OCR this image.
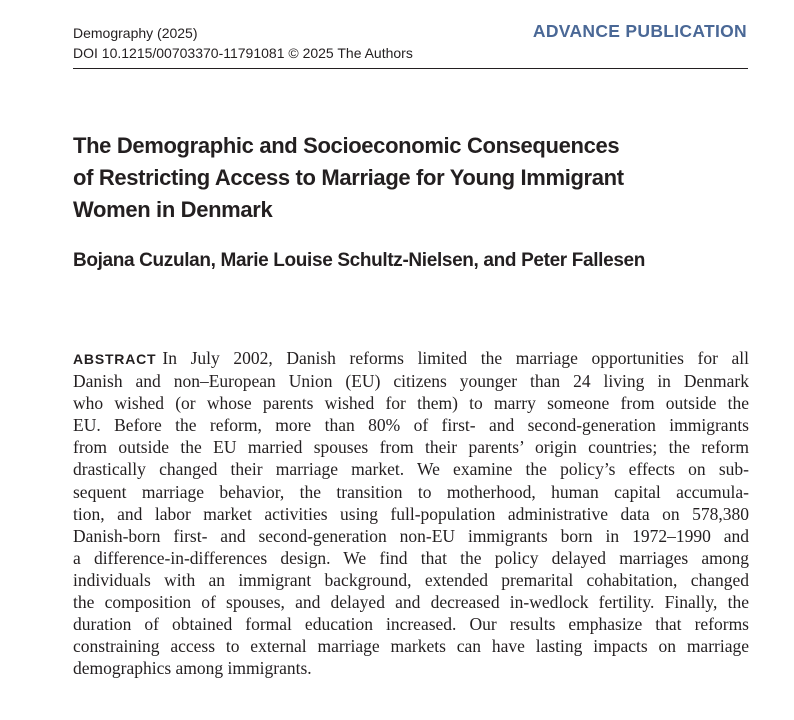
Demography (2025)
DOI 10.1215/00703370-11791081 © 2025 The Authors
ADVANCE PUBLICATION
The Demographic and Socioeconomic Consequences
of Restricting Access to Marriage for Young Immigrant
Women in Denmark
Bojana Cuzulan, Marie Louise Schultz-Nielsen, and Peter Fallesen
ABSTRACT In July 2002, Danish reforms limited the marriage opportunities for all
Danish and non–European Union (EU) citizens younger than 24 living in Denmark
who wished (or whose parents wished for them) to marry someone from outside the
EU. Before the reform, more than 80% of first- and second-generation immigrants
from outside the EU married spouses from their parents’ origin countries; the reform
drastically changed their marriage market. We examine the policy’s effects on sub-
sequent marriage behavior, the transition to motherhood, human capital accumula-
tion, and labor market activities using full-population administrative data on 578,380
Danish-born first- and second-generation non-EU immigrants born in 1972–1990 and
a difference-in-differences design. We find that the policy delayed marriages among
individuals with an immigrant background, extended premarital cohabitation, changed
the composition of spouses, and delayed and decreased in-wedlock fertility. Finally, the
duration of obtained formal education increased. Our results emphasize that reforms
constraining access to external marriage markets can have lasting impacts on marriage
demographics among immigrants.
